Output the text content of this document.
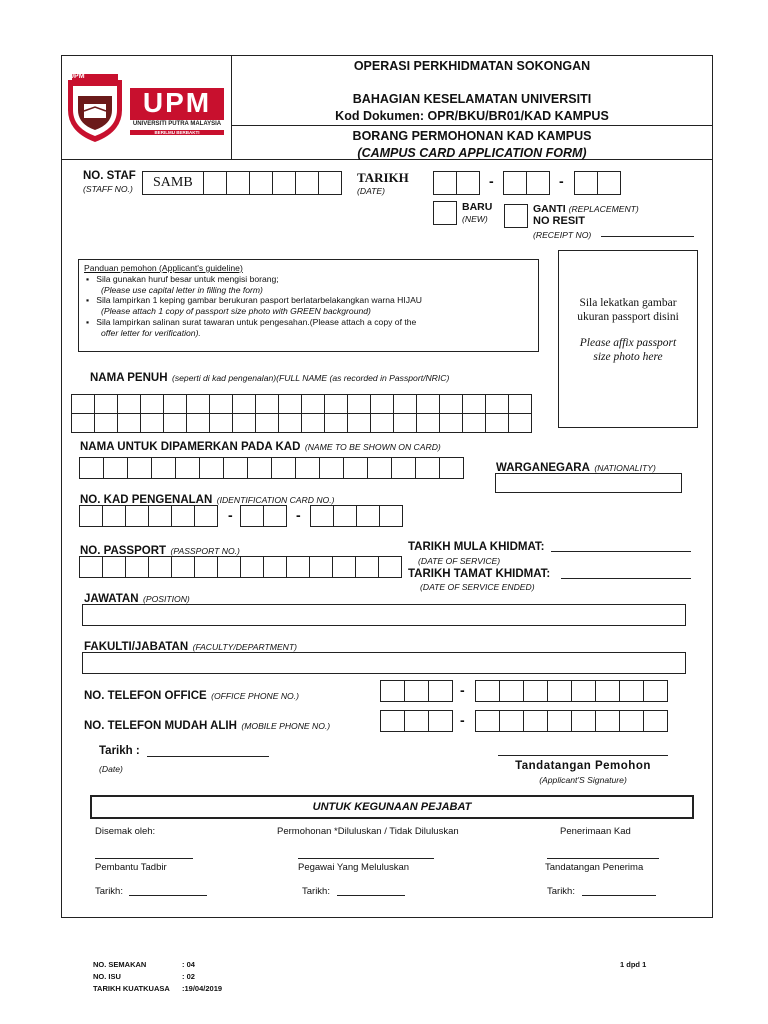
UPM
UPM
UNIVERSITI PUTRA MALAYSIA
BERILMU BERBAKTI
OPERASI PERKHIDMATAN SOKONGAN
BAHAGIAN KESELAMATAN UNIVERSITI
Kod Dokumen: OPR/BKU/BR01/KAD KAMPUS
BORANG PERMOHONAN KAD KAMPUS
(CAMPUS CARD APPLICATION FORM)
NO. STAF
(STAFF NO.)	SAMB	TARIKH
(DATE)
-	-
BARU
(NEW)
GANTI (REPLACEMENT)
NO RESIT
(RECEIPT NO)
Panduan pemohon (Applicant's guideline)
▪   Sila gunakan huruf besar untuk mengisi borang;
(Please use capital letter in filling the form)
▪   Sila lampirkan 1 keping gambar berukuran pasport berlatarbelakangkan warna HIJAU
(Please attach 1 copy of passport size photo with GREEN background)
▪   Sila lampirkan salinan surat tawaran untuk pengesahan.(Please attach a copy of the
offer letter for verification).
Sila lekatkan gambar
ukuran passport disini
Please affix passport
size photo here
NAMA PENUH (seperti di kad pengenalan)(FULL NAME (as recorded in Passport/NRIC)
NAMA UNTUK DIPAMERKAN PADA KAD (NAME TO BE SHOWN ON CARD)
WARGANEGARA (NATIONALITY)
NO. KAD PENGENALAN (IDENTIFICATION CARD NO.)
-	-
NO. PASSPORT (PASSPORT NO.)	TARIKH MULA KHIDMAT:
(DATE OF SERVICE)
TARIKH TAMAT KHIDMAT:
(DATE OF SERVICE ENDED)
JAWATAN (POSITION)
FAKULTI/JABATAN (FACULTY/DEPARTMENT)
NO. TELEFON OFFICE (OFFICE PHONE NO.)	-
NO. TELEFON MUDAH ALIH (MOBILE PHONE NO.)	-
Tarikh :
(Date)	Tandatangan Pemohon
(Applicant'S Signature)
UNTUK KEGUNAAN PEJABAT
Disemak oleh:	Permohonan *Diluluskan / Tidak Diluluskan	Penerimaan Kad
Pembantu Tadbir	Pegawai Yang Meluluskan	Tandatangan Penerima
Tarikh:	Tarikh:	Tarikh:
NO. SEMAKAN	: 04
NO. ISU	: 02
TARIKH KUATKUASA :19/04/2019
1 dpd 1
